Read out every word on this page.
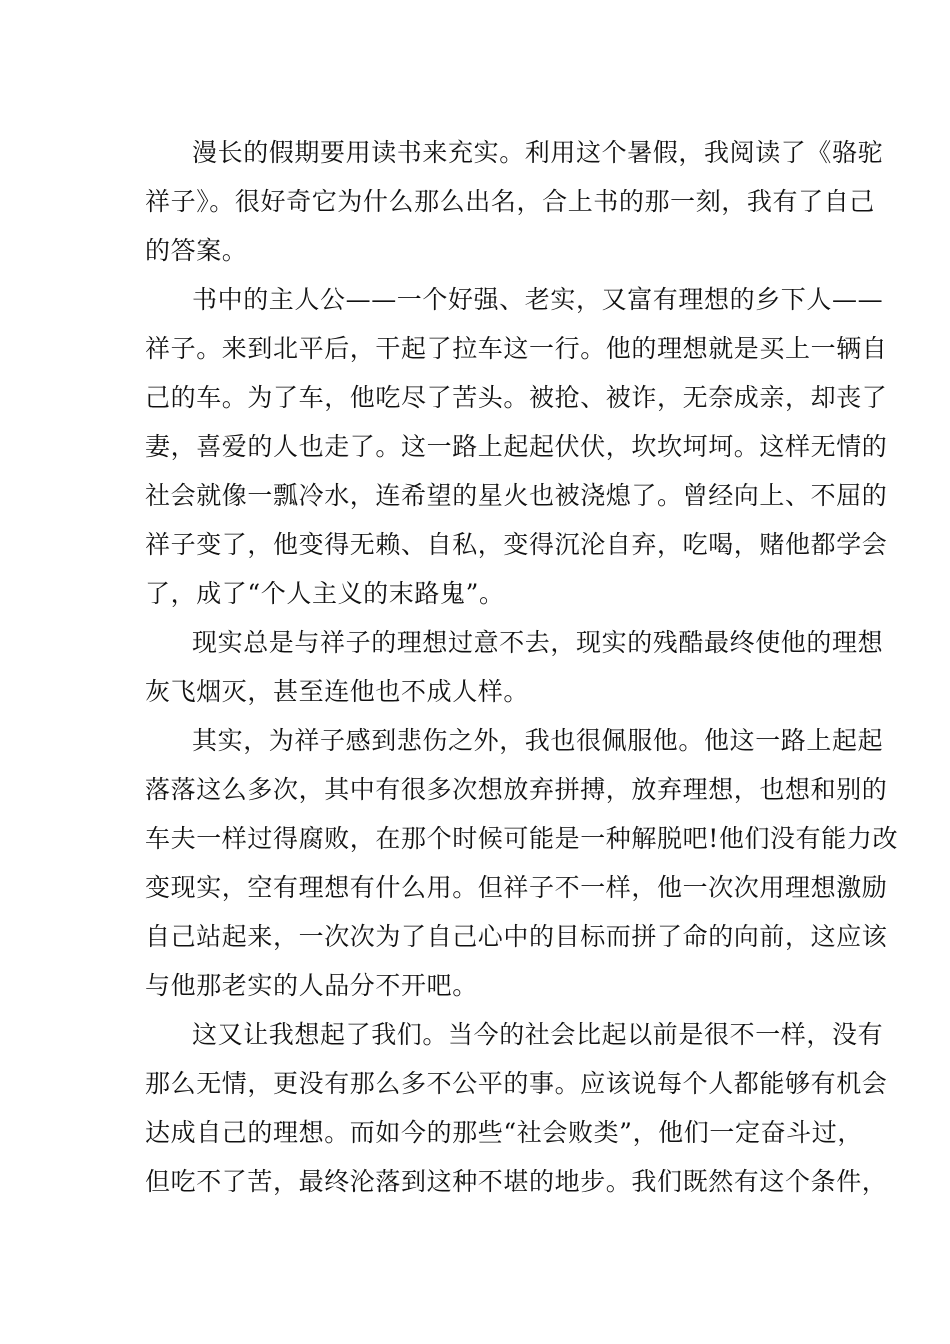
漫长的假期要用读书来充实。利用这个暑假，我阅读了《骆驼
祥子》。很好奇它为什么那么出名，合上书的那一刻，我有了自己
的答案。
书中的主人公——一个好强、老实，又富有理想的乡下人——
祥子。来到北平后，干起了拉车这一行。他的理想就是买上一辆自
己的车。为了车，他吃尽了苦头。被抢、被诈，无奈成亲，却丧了
妻，喜爱的人也走了。这一路上起起伏伏，坎坎坷坷。这样无情的
社会就像一瓢冷水，连希望的星火也被浇熄了。曾经向上、不屈的
祥子变了，他变得无赖、自私，变得沉沦自弃，吃喝，赌他都学会
了，成了“个人主义的末路鬼”。
现实总是与祥子的理想过意不去，现实的残酷最终使他的理想
灰飞烟灭，甚至连他也不成人样。
其实，为祥子感到悲伤之外，我也很佩服他。他这一路上起起
落落这么多次，其中有很多次想放弃拼搏，放弃理想，也想和别的
车夫一样过得腐败，在那个时候可能是一种解脱吧!他们没有能力改
变现实，空有理想有什么用。但祥子不一样，他一次次用理想激励
自己站起来，一次次为了自己心中的目标而拼了命的向前，这应该
与他那老实的人品分不开吧。
这又让我想起了我们。当今的社会比起以前是很不一样，没有
那么无情，更没有那么多不公平的事。应该说每个人都能够有机会
达成自己的理想。而如今的那些“社会败类”，他们一定奋斗过，
但吃不了苦，最终沦落到这种不堪的地步。我们既然有这个条件，
